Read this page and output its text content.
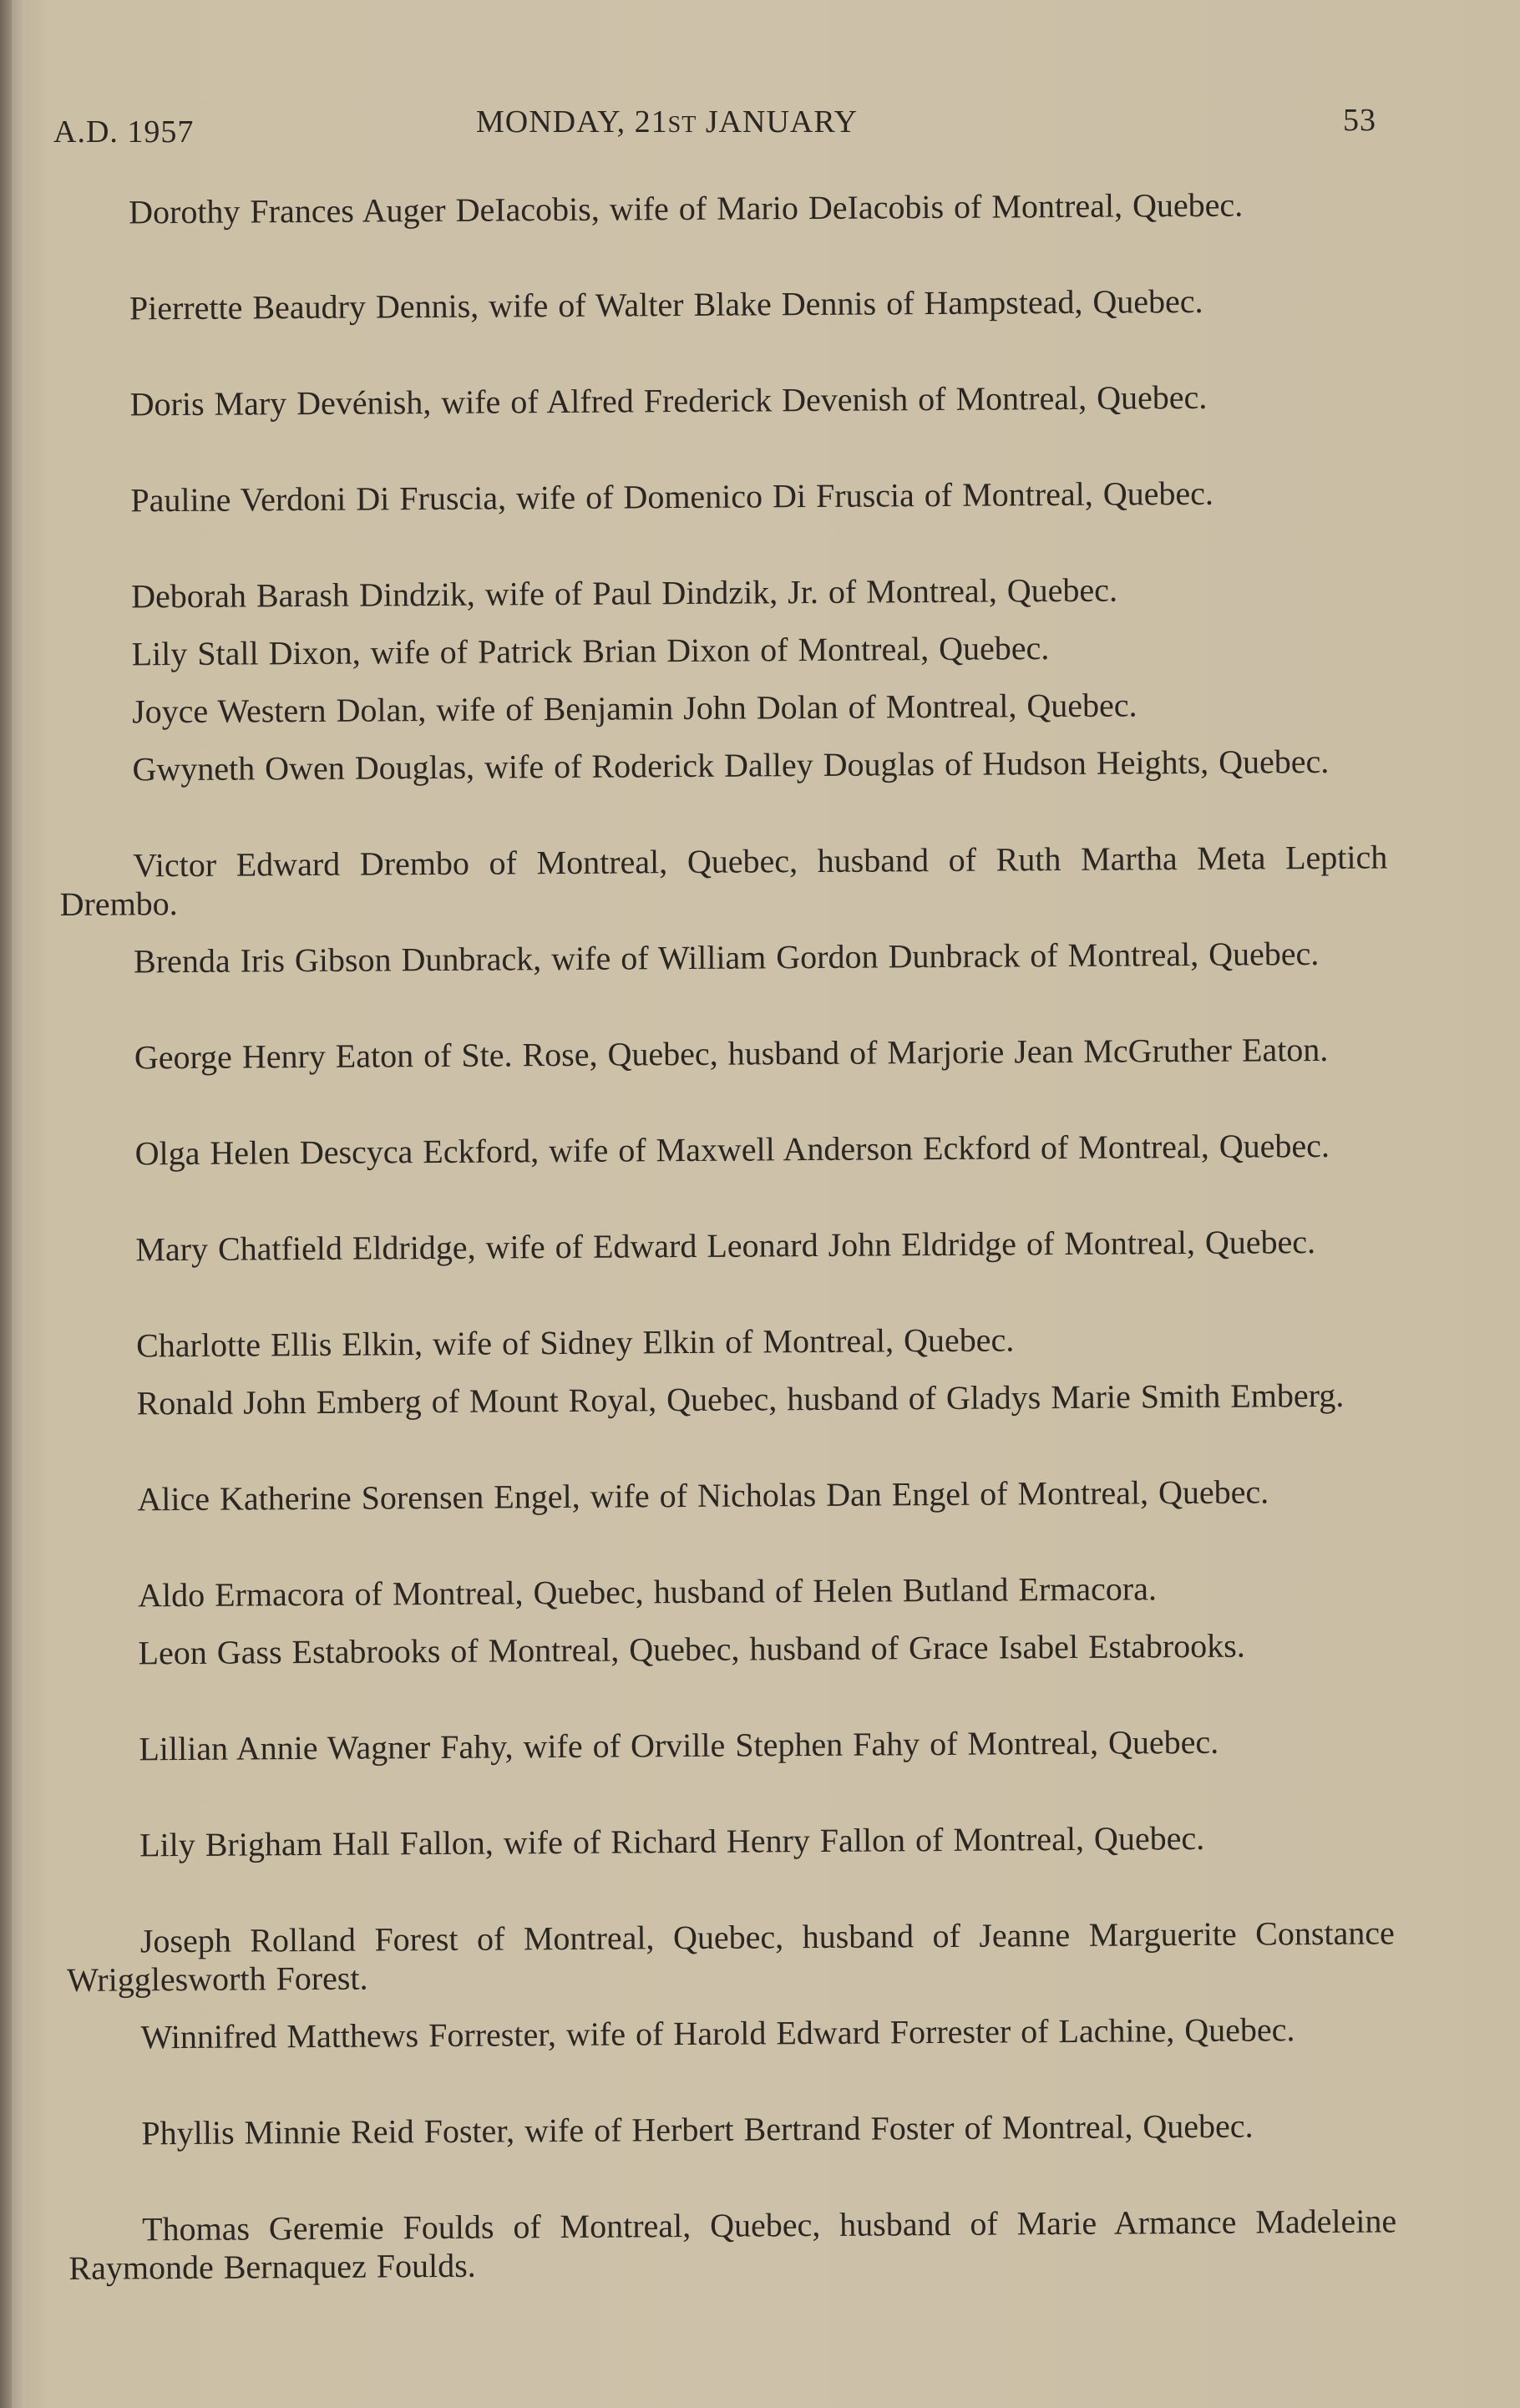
A.D. 1957	MONDAY, 21ST JANUARY	53

Dorothy Frances Auger DeIacobis, wife of Mario DeIacobis of Montreal, Quebec.

Pierrette Beaudry Dennis, wife of Walter Blake Dennis of Hampstead, Quebec.

Doris Mary Devénish, wife of Alfred Frederick Devenish of Montreal, Quebec.

Pauline Verdoni Di Fruscia, wife of Domenico Di Fruscia of Montreal, Quebec.

Deborah Barash Dindzik, wife of Paul Dindzik, Jr. of Montreal, Quebec.

Lily Stall Dixon, wife of Patrick Brian Dixon of Montreal, Quebec.

Joyce Western Dolan, wife of Benjamin John Dolan of Montreal, Quebec.

Gwyneth Owen Douglas, wife of Roderick Dalley Douglas of Hudson Heights, Quebec.

Victor Edward Drembo of Montreal, Quebec, husband of Ruth Martha Meta Leptich Drembo.

Brenda Iris Gibson Dunbrack, wife of William Gordon Dunbrack of Montreal, Quebec.

George Henry Eaton of Ste. Rose, Quebec, husband of Marjorie Jean McGruther Eaton.

Olga Helen Descyca Eckford, wife of Maxwell Anderson Eckford of Montreal, Quebec.

Mary Chatfield Eldridge, wife of Edward Leonard John Eldridge of Montreal, Quebec.

Charlotte Ellis Elkin, wife of Sidney Elkin of Montreal, Quebec.

Ronald John Emberg of Mount Royal, Quebec, husband of Gladys Marie Smith Emberg.

Alice Katherine Sorensen Engel, wife of Nicholas Dan Engel of Montreal, Quebec.

Aldo Ermacora of Montreal, Quebec, husband of Helen Butland Ermacora.

Leon Gass Estabrooks of Montreal, Quebec, husband of Grace Isabel Estabrooks.

Lillian Annie Wagner Fahy, wife of Orville Stephen Fahy of Montreal, Quebec.

Lily Brigham Hall Fallon, wife of Richard Henry Fallon of Montreal, Quebec.

Joseph Rolland Forest of Montreal, Quebec, husband of Jeanne Marguerite Constance Wrigglesworth Forest.

Winnifred Matthews Forrester, wife of Harold Edward Forrester of Lachine, Quebec.

Phyllis Minnie Reid Foster, wife of Herbert Bertrand Foster of Montreal, Quebec.

Thomas Geremie Foulds of Montreal, Quebec, husband of Marie Armance Madeleine Raymonde Bernaquez Foulds.
